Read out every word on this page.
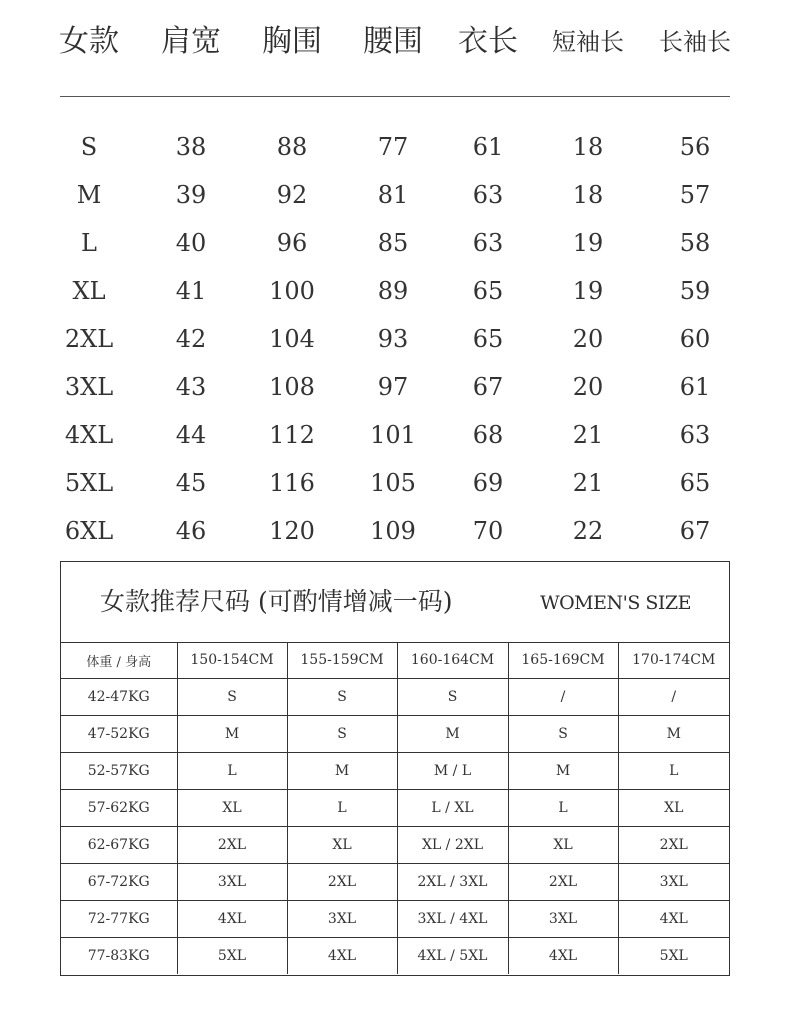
女款 肩宽 胸围 腰围 衣长 短袖长 长袖长
S	38	88	77	61	18	56
M	39	92	81	63	18	57
L	40	96	85	63	19	58
XL	41	100	89	65	19	59
2XL	42	104	93	65	20	60
3XL	43	108	97	67	20	61
4XL	44	112 101 68	21	63
5XL	45	116 105 69	21	65
6XL	46	120 109 70	22	67
女款推荐尺码 (可酌情增减一码)	WOMEN'S SIZE
体重 / 身高	150-154CM	155-159CM	160-164CM	165-169CM	170-174CM
42-47KG	S	S	S	/	/
47-52KG	M	S	M	S	M
52-57KG	L	M	M / L	M	L
57-62KG	XL	L	L / XL	L	XL
62-67KG	2XL	XL	XL / 2XL	XL	2XL
67-72KG	3XL	2XL	2XL / 3XL	2XL	3XL
72-77KG	4XL	3XL	3XL / 4XL	3XL	4XL
77-83KG	5XL	4XL	4XL / 5XL	4XL	5XL
